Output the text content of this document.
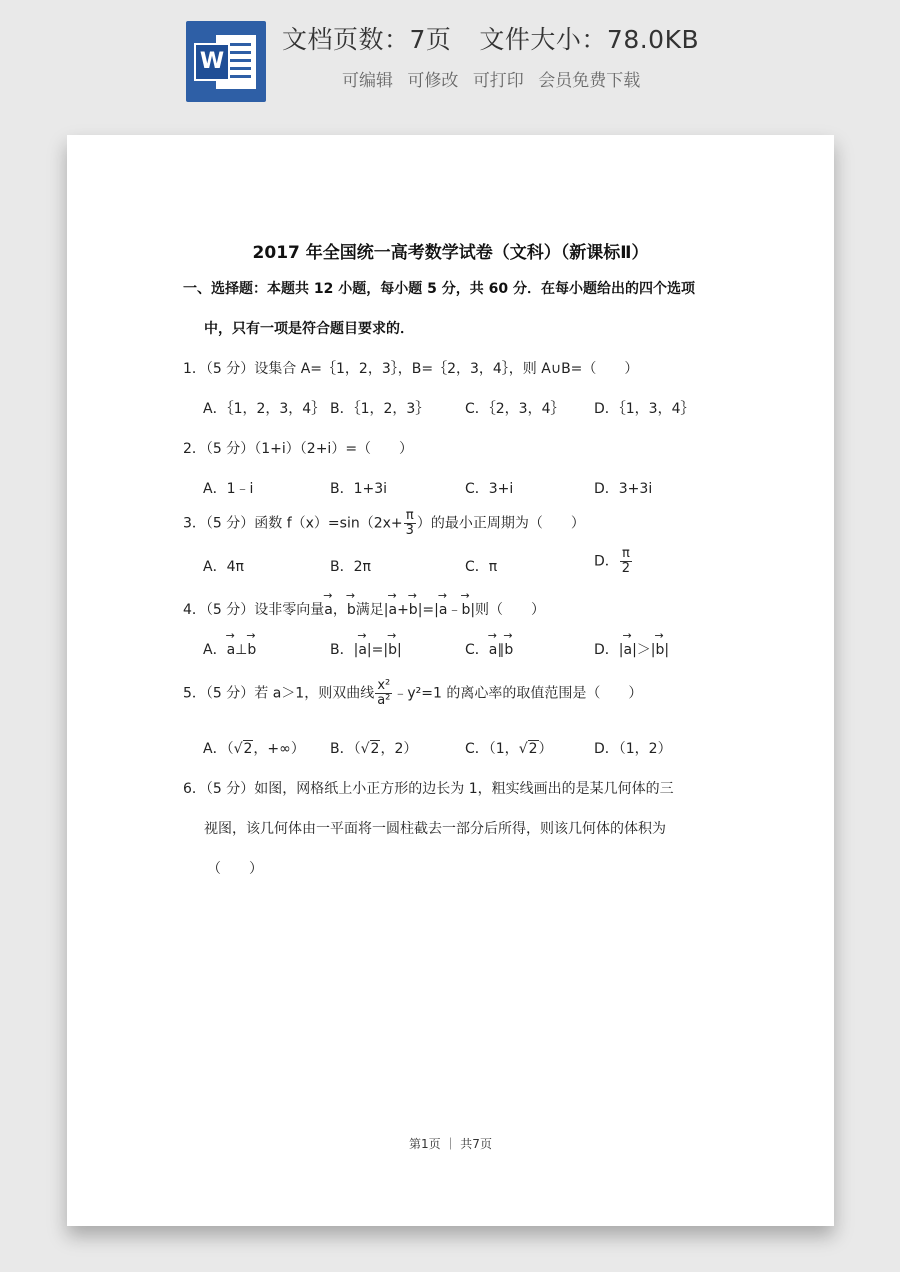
W
文档页数：7页 文件大小：78.0KB
可编辑 可修改 可打印 会员免费下载
2017 年全国统一高考数学试卷（文科）（新课标Ⅱ）
一、选择题：本题共 12 小题，每小题 5 分，共 60 分．在每小题给出的四个选项
中，只有一项是符合题目要求的．
1．（5 分）设集合 A=｛1，2，3｝，B=｛2，3，4｝，则 A∪B=（　　）
A．｛1，2，3，4｝ B．｛1，2，3｝	C．｛2，3，4｝ D．｛1，3，4｝
2．（5 分）（1+i）（2+i）=（　　）
A．1﹣i	B．1+3i	C．3+i	D．3+3i
3．（5 分）函数 $f(x)=\sin(2x+ \frac{\pi}{3}$ ）的最小正周期为（　　）
A．4π	B．2π	C．π	D． $\frac{\pi}{2}$
4．（5 分）设非零向量→ a，→ b满足|→ a+→ b|=|→ a﹣→ b|则（　　）
A．→ a⊥→ b	B．|→ a|=|→ b|	C．→ a∥→ b	D．|→ a|＞|→ b|
5．（5 分）若 a＞1，则双曲线 $\frac{\text{x²}}{\text{a²}}$ ﹣y²=1 的离心率的取值范围是（　　）
A．（√2，+∞） B．（√2，2）	C．（1，√2）	D．（1，2）
6．（5 分）如图，网格纸上小正方形的边长为 1，粗实线画出的是某几何体的三
视图，该几何体由一平面将一圆柱截去一部分后所得，则该几何体的体积为
（　　）
第1页 ｜ 共7页
